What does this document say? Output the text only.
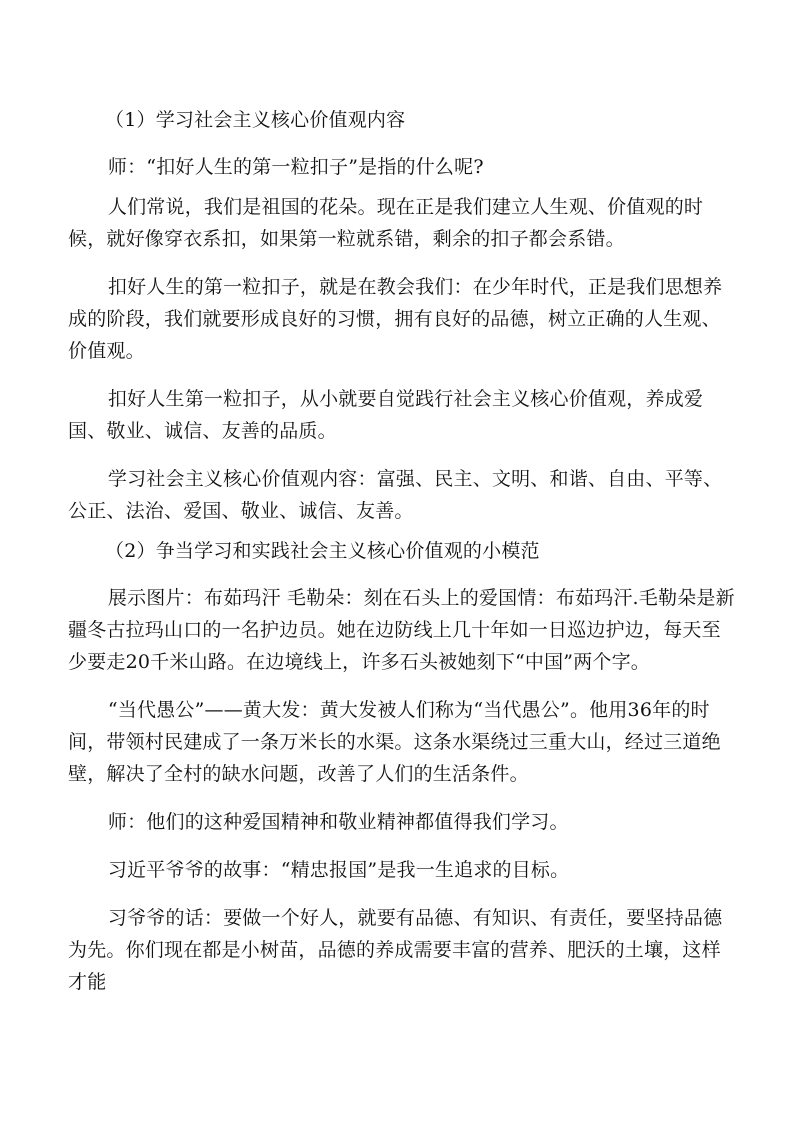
（1）学习社会主义核心价值观内容

师：“扣好人生的第一粒扣子”是指的什么呢?

人们常说，我们是祖国的花朵。现在正是我们建立人生观、价值观的时候，就好像穿衣系扣，如果第一粒就系错，剩余的扣子都会系错。

扣好人生的第一粒扣子，就是在教会我们：在少年时代，正是我们思想养成的阶段，我们就要形成良好的习惯，拥有良好的品德，树立正确的人生观、价值观。

扣好人生第一粒扣子，从小就要自觉践行社会主义核心价值观，养成爱国、敬业、诚信、友善的品质。

学习社会主义核心价值观内容：富强、民主、文明、和谐、自由、平等、公正、法治、爱国、敬业、诚信、友善。

（2）争当学习和实践社会主义核心价值观的小模范

展示图片：布茹玛汗 毛勒朵：刻在石头上的爱国情：布茹玛汗.毛勒朵是新疆冬古拉玛山口的一名护边员。她在边防线上几十年如一日巡边护边，每天至少要走20千米山路。在边境线上，许多石头被她刻下“中国”两个字。

“当代愚公”——黄大发：黄大发被人们称为“当代愚公”。他用36年的时间，带领村民建成了一条万米长的水渠。这条水渠绕过三重大山，经过三道绝壁，解决了全村的缺水问题，改善了人们的生活条件。

师：他们的这种爱国精神和敬业精神都值得我们学习。

习近平爷爷的故事：“精忠报国”是我一生追求的目标。

习爷爷的话：要做一个好人，就要有品德、有知识、有责任，要坚持品德为先。你们现在都是小树苗，品德的养成需要丰富的营养、肥沃的土壤，这样才能
